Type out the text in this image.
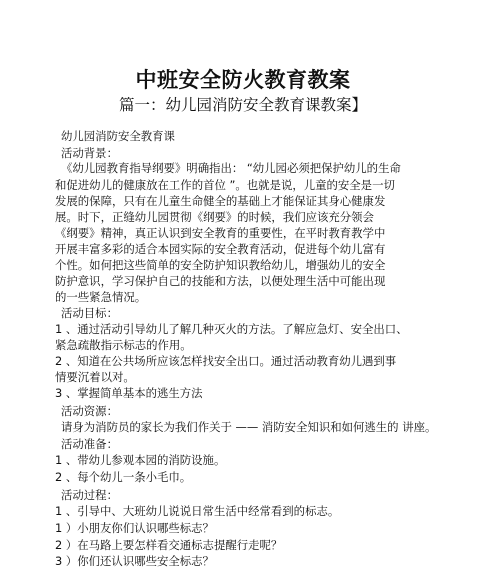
中班安全防火教育教案
篇一：幼儿园消防安全教育课教案】
幼儿园消防安全教育课
活动背景：
《幼儿园教育指导纲要》明确指出： “幼儿园必须把保护幼儿的生命
和促进幼儿的健康放在工作的首位 ”。也就是说，儿童的安全是一切
发展的保障，只有在儿童生命健全的基础上才能保证其身心健康发
展。时下，正缝幼儿园贯彻《纲要》的时候，我们应该充分领会
《纲要》精神，真正认识到安全教育的重要性，在平时教育教学中
开展丰富多彩的适合本园实际的安全教育活动，促进每个幼儿富有
个性。如何把这些简单的安全防护知识教给幼儿，增强幼儿的安全
防护意识，学习保护自己的技能和方法，以便处理生活中可能出现
的一些紧急情况。
活动目标：
1 、通过活动引导幼儿了解几种灭火的方法。了解应急灯、安全出口、
紧急疏散指示标志的作用。
2 、知道在公共场所应该怎样找安全出口。通过活动教育幼儿遇到事
情要沉着以对。
3 、掌握简单基本的逃生方法
活动资源：
请身为消防员的家长为我们作关于 —— 消防安全知识和如何逃生的 讲座。
活动准备：
1 、带幼儿参观本园的消防设施。
2 、每个幼儿一条小毛巾。
活动过程：
1 、引导中、大班幼儿说说日常生活中经常看到的标志。
1 ）小朋友你们认识哪些标志？
2 ）在马路上要怎样看交通标志提醒行走呢？
3 ）你们还认识哪些安全标志？
